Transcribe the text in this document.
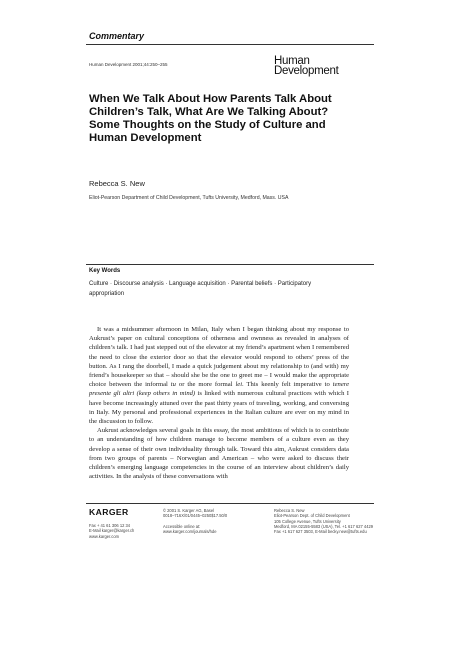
Commentary
Human Development 2001;44:250–255	Human
Development
When We Talk About How Parents Talk About Children’s Talk, What Are We Talking About? Some Thoughts on the Study of Culture and Human Development
Rebecca S. New
Eliot-Pearson Department of Child Development, Tufts University, Medford, Mass. USA
Key Words

Culture · Discourse analysis · Language acquisition · Parental beliefs · Participatory appropriation

It was a midsummer afternoon in Milan, Italy when I began thinking about my response to Aukrust’s paper on cultural conceptions of otherness and ownness as revealed in analyses of children’s talk. I had just stepped out of the elevator at my friend’s apartment when I remembered the need to close the exterior door so that the elevator would respond to others’ press of the button. As I rang the doorbell, I made a quick judgement about my relationship to (and with) my friend’s housekeeper so that – should she be the one to greet me – I would make the appropriate choice between the informal tu or the more formal lei. This keenly felt imperative to tenere presente gli altri (keep others in mind) is linked with numerous cultural practices with which I have become increasingly attuned over the past thirty years of traveling, working, and conversing in Italy. My personal and professional experiences in the Italian culture are ever on my mind in the discussion to follow.

Aukrust acknowledges several goals in this essay, the most ambitious of which is to contribute to an understanding of how children manage to become members of a culture even as they develop a sense of their own individuality through talk. Toward this aim, Aukrust considers data from two groups of parents – Norwegian and American – who were asked to discuss their children’s emerging language competencies in the course of an interview about children’s daily activities. In the analysis of these conversations with

KARGER
Fax + 41 61 306 12 34
E-Mail karger@karger.ch
www.karger.com
© 2001 S. Karger AG, Basel
0018–716X/01/0445–0250$17.50/0

Accessible online at:
www.karger.com/journals/hde
Rebecca S. New
Eliot-Pearson Dept. of Child Development
105 College Avenue, Tufts University
Medford, MA 02155-5583 (USA), Tel. +1 617 627 4429
Fax +1 617 627 3503, E-Mail becky.new@tufts.edu
